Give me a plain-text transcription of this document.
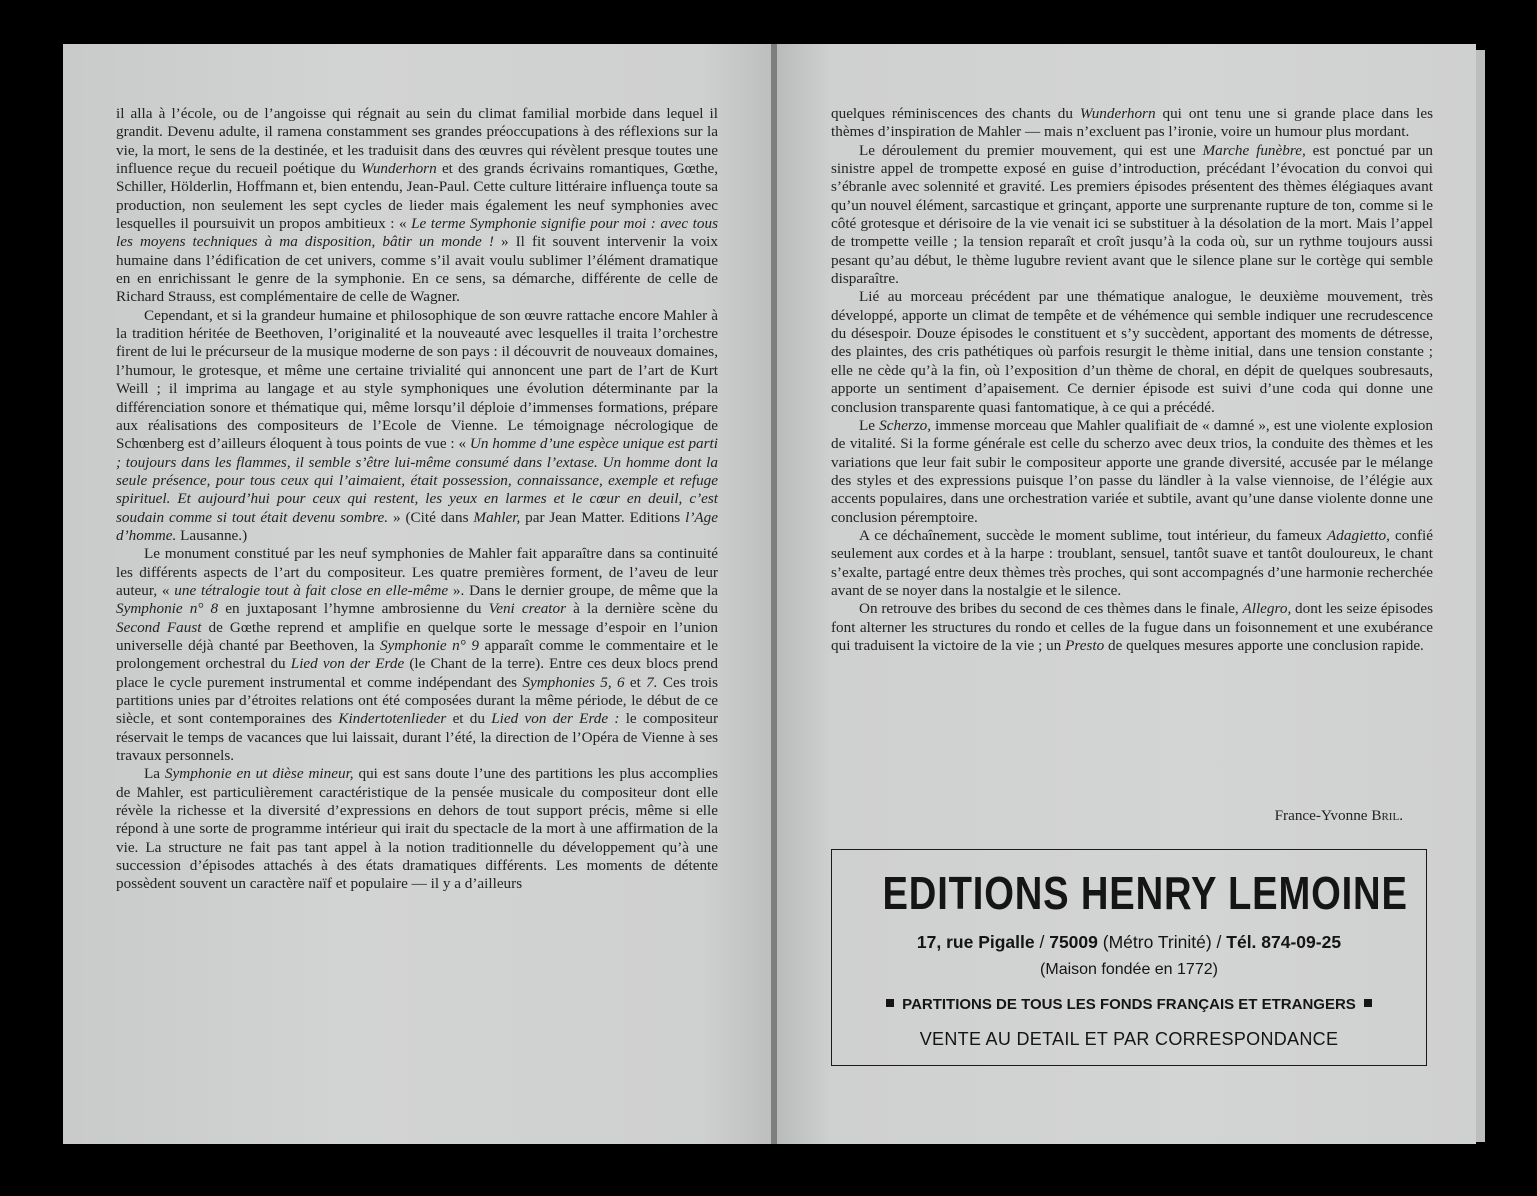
il alla à l’école, ou de l’angoisse qui régnait au sein du climat familial morbide dans lequel il grandit. Devenu adulte, il ramena constamment ses grandes préoccupations à des réflexions sur la vie, la mort, le sens de la destinée, et les traduisit dans des œuvres qui révèlent presque toutes une influence reçue du recueil poétique du Wunderhorn et des grands écrivains romantiques, Gœthe, Schiller, Hölderlin, Hoffmann et, bien entendu, Jean-Paul. Cette culture littéraire influença toute sa production, non seulement les sept cycles de lieder mais également les neuf symphonies avec lesquelles il poursuivit un propos ambitieux : « Le terme Symphonie signifie pour moi : avec tous les moyens techniques à ma disposition, bâtir un monde ! » Il fit souvent intervenir la voix humaine dans l’édification de cet univers, comme s’il avait voulu sublimer l’élément dramatique en en enrichissant le genre de la symphonie. En ce sens, sa démarche, différente de celle de Richard Strauss, est complémentaire de celle de Wagner.

Cependant, et si la grandeur humaine et philosophique de son œuvre rattache encore Mahler à la tradition héritée de Beethoven, l’originalité et la nouveauté avec lesquelles il traita l’orchestre firent de lui le précurseur de la musique moderne de son pays : il découvrit de nouveaux domaines, l’humour, le grotesque, et même une certaine trivialité qui annoncent une part de l’art de Kurt Weill ; il imprima au langage et au style symphoniques une évolution déterminante par la différenciation sonore et thématique qui, même lorsqu’il déploie d’immenses formations, prépare aux réalisations des compositeurs de l’Ecole de Vienne. Le témoignage nécrologique de Schœnberg est d’ailleurs éloquent à tous points de vue : « Un homme d’une espèce unique est parti ; toujours dans les flammes, il semble s’être lui-même consumé dans l’extase. Un homme dont la seule présence, pour tous ceux qui l’aimaient, était possession, connaissance, exemple et refuge spirituel. Et aujourd’hui pour ceux qui restent, les yeux en larmes et le cœur en deuil, c’est soudain comme si tout était devenu sombre. » (Cité dans Mahler, par Jean Matter. Editions l’Age d’homme. Lausanne.)

Le monument constitué par les neuf symphonies de Mahler fait apparaître dans sa continuité les différents aspects de l’art du compositeur. Les quatre premières forment, de l’aveu de leur auteur, « une tétralogie tout à fait close en elle-même ». Dans le dernier groupe, de même que la Symphonie n° 8 en juxtaposant l’hymne ambrosienne du Veni creator à la dernière scène du Second Faust de Gœthe reprend et amplifie en quelque sorte le message d’espoir en l’union universelle déjà chanté par Beethoven, la Symphonie n° 9 apparaît comme le commentaire et le prolongement orchestral du Lied von der Erde (le Chant de la terre). Entre ces deux blocs prend place le cycle purement instrumental et comme indépendant des Symphonies 5, 6 et 7. Ces trois partitions unies par d’étroites relations ont été composées durant la même période, le début de ce siècle, et sont contemporaines des Kindertotenlieder et du Lied von der Erde : le compositeur réservait le temps de vacances que lui laissait, durant l’été, la direction de l’Opéra de Vienne à ses travaux personnels.

La Symphonie en ut dièse mineur, qui est sans doute l’une des partitions les plus accomplies de Mahler, est particulièrement caractéristique de la pensée musicale du compositeur dont elle révèle la richesse et la diversité d’expressions en dehors de tout support précis, même si elle répond à une sorte de programme intérieur qui irait du spectacle de la mort à une affirmation de la vie. La structure ne fait pas tant appel à la notion traditionnelle du développement qu’à une succession d’épisodes attachés à des états dramatiques différents. Les moments de détente possèdent souvent un caractère naïf et populaire — il y a d’ailleurs

quelques réminiscences des chants du Wunderhorn qui ont tenu une si grande place dans les thèmes d’inspiration de Mahler — mais n’excluent pas l’ironie, voire un humour plus mordant.

Le déroulement du premier mouvement, qui est une Marche funèbre, est ponctué par un sinistre appel de trompette exposé en guise d’introduction, précédant l’évocation du convoi qui s’ébranle avec solennité et gravité. Les premiers épisodes présentent des thèmes élégiaques avant qu’un nouvel élément, sarcastique et grinçant, apporte une surprenante rupture de ton, comme si le côté grotesque et dérisoire de la vie venait ici se substituer à la désolation de la mort. Mais l’appel de trompette veille ; la tension reparaît et croît jusqu’à la coda où, sur un rythme toujours aussi pesant qu’au début, le thème lugubre revient avant que le silence plane sur le cortège qui semble disparaître.

Lié au morceau précédent par une thématique analogue, le deuxième mouvement, très développé, apporte un climat de tempête et de véhémence qui semble indiquer une recrudescence du désespoir. Douze épisodes le constituent et s’y succèdent, apportant des moments de détresse, des plaintes, des cris pathétiques où parfois resurgit le thème initial, dans une tension constante ; elle ne cède qu’à la fin, où l’exposition d’un thème de choral, en dépit de quelques soubresauts, apporte un sentiment d’apaisement. Ce dernier épisode est suivi d’une coda qui donne une conclusion transparente quasi fantomatique, à ce qui a précédé.

Le Scherzo, immense morceau que Mahler qualifiait de « damné », est une violente explosion de vitalité. Si la forme générale est celle du scherzo avec deux trios, la conduite des thèmes et les variations que leur fait subir le compositeur apporte une grande diversité, accusée par le mélange des styles et des expressions puisque l’on passe du ländler à la valse viennoise, de l’élégie aux accents populaires, dans une orchestration variée et subtile, avant qu’une danse violente donne une conclusion péremptoire.

A ce déchaînement, succède le moment sublime, tout intérieur, du fameux Adagietto, confié seulement aux cordes et à la harpe : troublant, sensuel, tantôt suave et tantôt douloureux, le chant s’exalte, partagé entre deux thèmes très proches, qui sont accompagnés d’une harmonie recherchée avant de se noyer dans la nostalgie et le silence.

On retrouve des bribes du second de ces thèmes dans le finale, Allegro, dont les seize épisodes font alterner les structures du rondo et celles de la fugue dans un foisonnement et une exubérance qui traduisent la victoire de la vie ; un Presto de quelques mesures apporte une conclusion rapide.

France-Yvonne Bril.
EDITIONS HENRY LEMOINE
17, rue Pigalle / 75009 (Métro Trinité) / Tél. 874-09-25
(Maison fondée en 1772)
PARTITIONS DE TOUS LES FONDS FRANÇAIS ET ETRANGERS
VENTE AU DETAIL ET PAR CORRESPONDANCE
